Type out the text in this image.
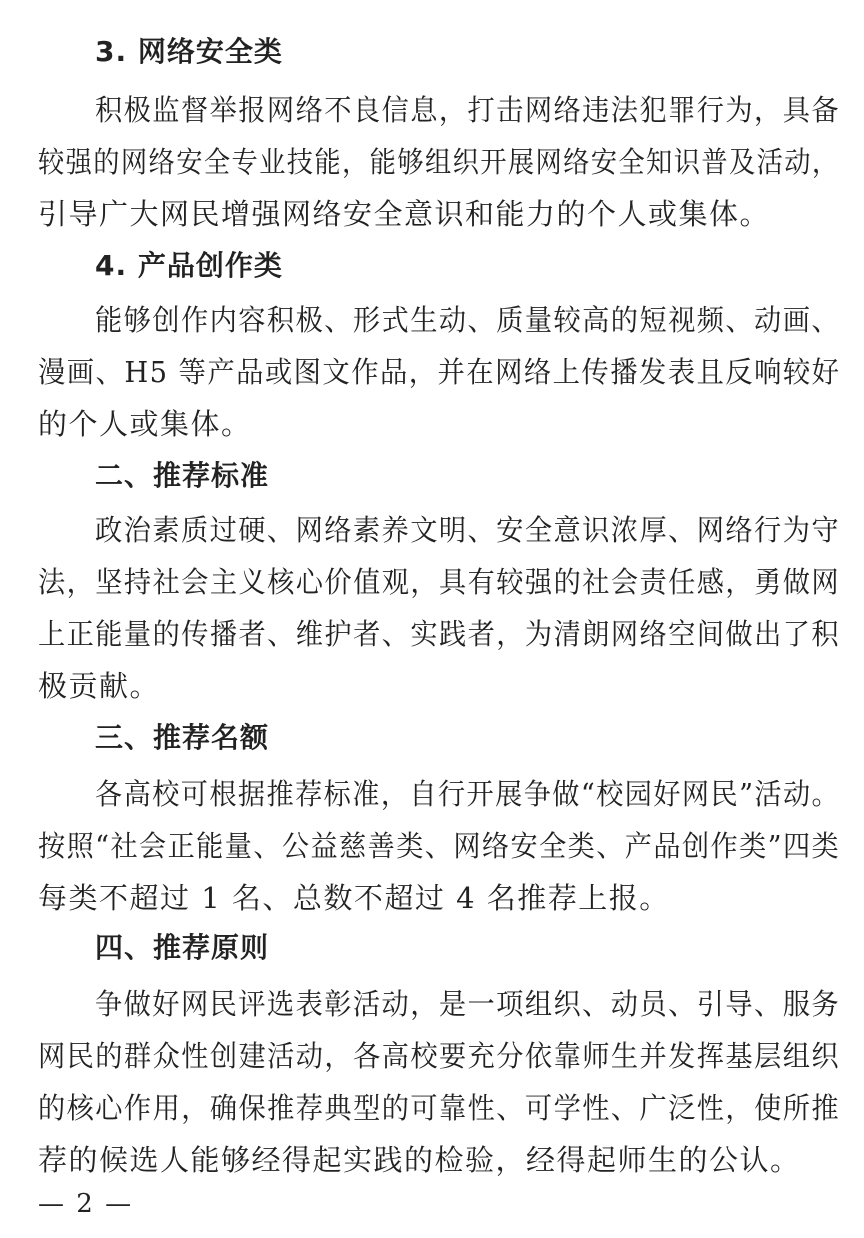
3. 网络安全类
积极监督举报网络不良信息，打击网络违法犯罪行为，具备
较强的网络安全专业技能，能够组织开展网络安全知识普及活动，
引导广大网民增强网络安全意识和能力的个人或集体。
4. 产品创作类
能够创作内容积极、形式生动、质量较高的短视频、动画、
漫画、H5 等产品或图文作品，并在网络上传播发表且反响较好
的个人或集体。
二、推荐标准
政治素质过硬、网络素养文明、安全意识浓厚、网络行为守
法，坚持社会主义核心价值观，具有较强的社会责任感，勇做网
上正能量的传播者、维护者、实践者，为清朗网络空间做出了积
极贡献。
三、推荐名额
各高校可根据推荐标准，自行开展争做“校园好网民”活动。
按照“社会正能量、公益慈善类、网络安全类、产品创作类”四类
每类不超过 1 名、总数不超过 4 名推荐上报。
四、推荐原则
争做好网民评选表彰活动，是一项组织、动员、引导、服务
网民的群众性创建活动，各高校要充分依靠师生并发挥基层组织
的核心作用，确保推荐典型的可靠性、可学性、广泛性，使所推
荐的候选人能够经得起实践的检验，经得起师生的公认。
— 2 —
